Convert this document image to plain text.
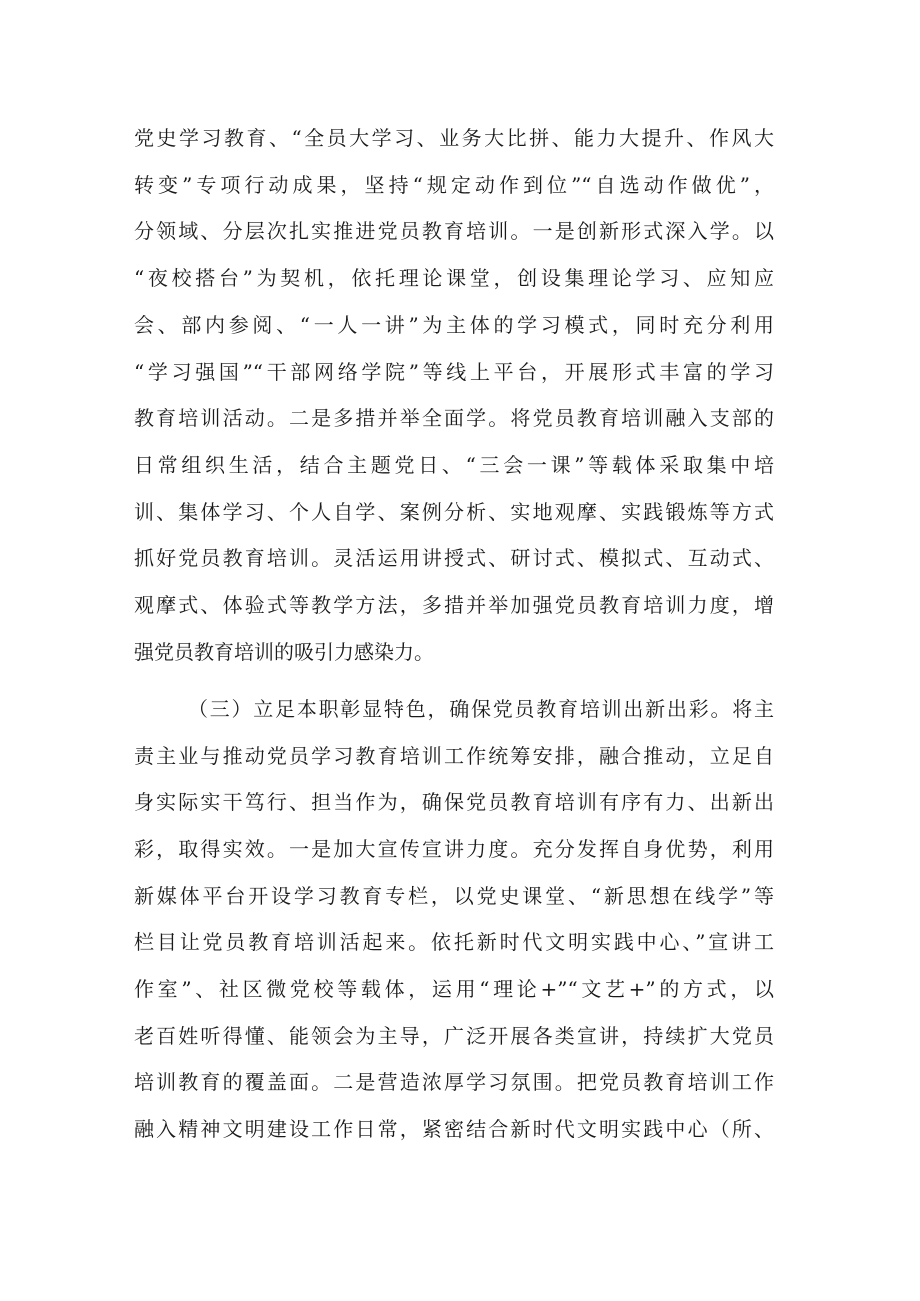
党史学习教育、“全员大学习、业务大比拼、能力大提升、作风大
转变”专项行动成果，坚持“规定动作到位”“自选动作做优”，
分领域、分层次扎实推进党员教育培训。一是创新形式深入学。以
“夜校搭台”为契机，依托理论课堂，创设集理论学习、应知应
会、部内参阅、“一人一讲”为主体的学习模式，同时充分利用
“学习强国”“干部网络学院”等线上平台，开展形式丰富的学习
教育培训活动。二是多措并举全面学。将党员教育培训融入支部的
日常组织生活，结合主题党日、“三会一课”等载体采取集中培
训、集体学习、个人自学、案例分析、实地观摩、实践锻炼等方式
抓好党员教育培训。灵活运用讲授式、研讨式、模拟式、互动式、
观摩式、体验式等教学方法，多措并举加强党员教育培训力度，增
强党员教育培训的吸引力感染力。
（三）立足本职彰显特色，确保党员教育培训出新出彩。将主
责主业与推动党员学习教育培训工作统筹安排，融合推动，立足自
身实际实干笃行、担当作为，确保党员教育培训有序有力、出新出
彩，取得实效。一是加大宣传宣讲力度。充分发挥自身优势，利用
新媒体平台开设学习教育专栏，以党史课堂、“新思想在线学”等
栏目让党员教育培训活起来。依托新时代文明实践中心、”宣讲工
作室”、社区微党校等载体，运用“理论+”“文艺+”的方式，以
老百姓听得懂、能领会为主导，广泛开展各类宣讲，持续扩大党员
培训教育的覆盖面。二是营造浓厚学习氛围。把党员教育培训工作
融入精神文明建设工作日常，紧密结合新时代文明实践中心（所、
